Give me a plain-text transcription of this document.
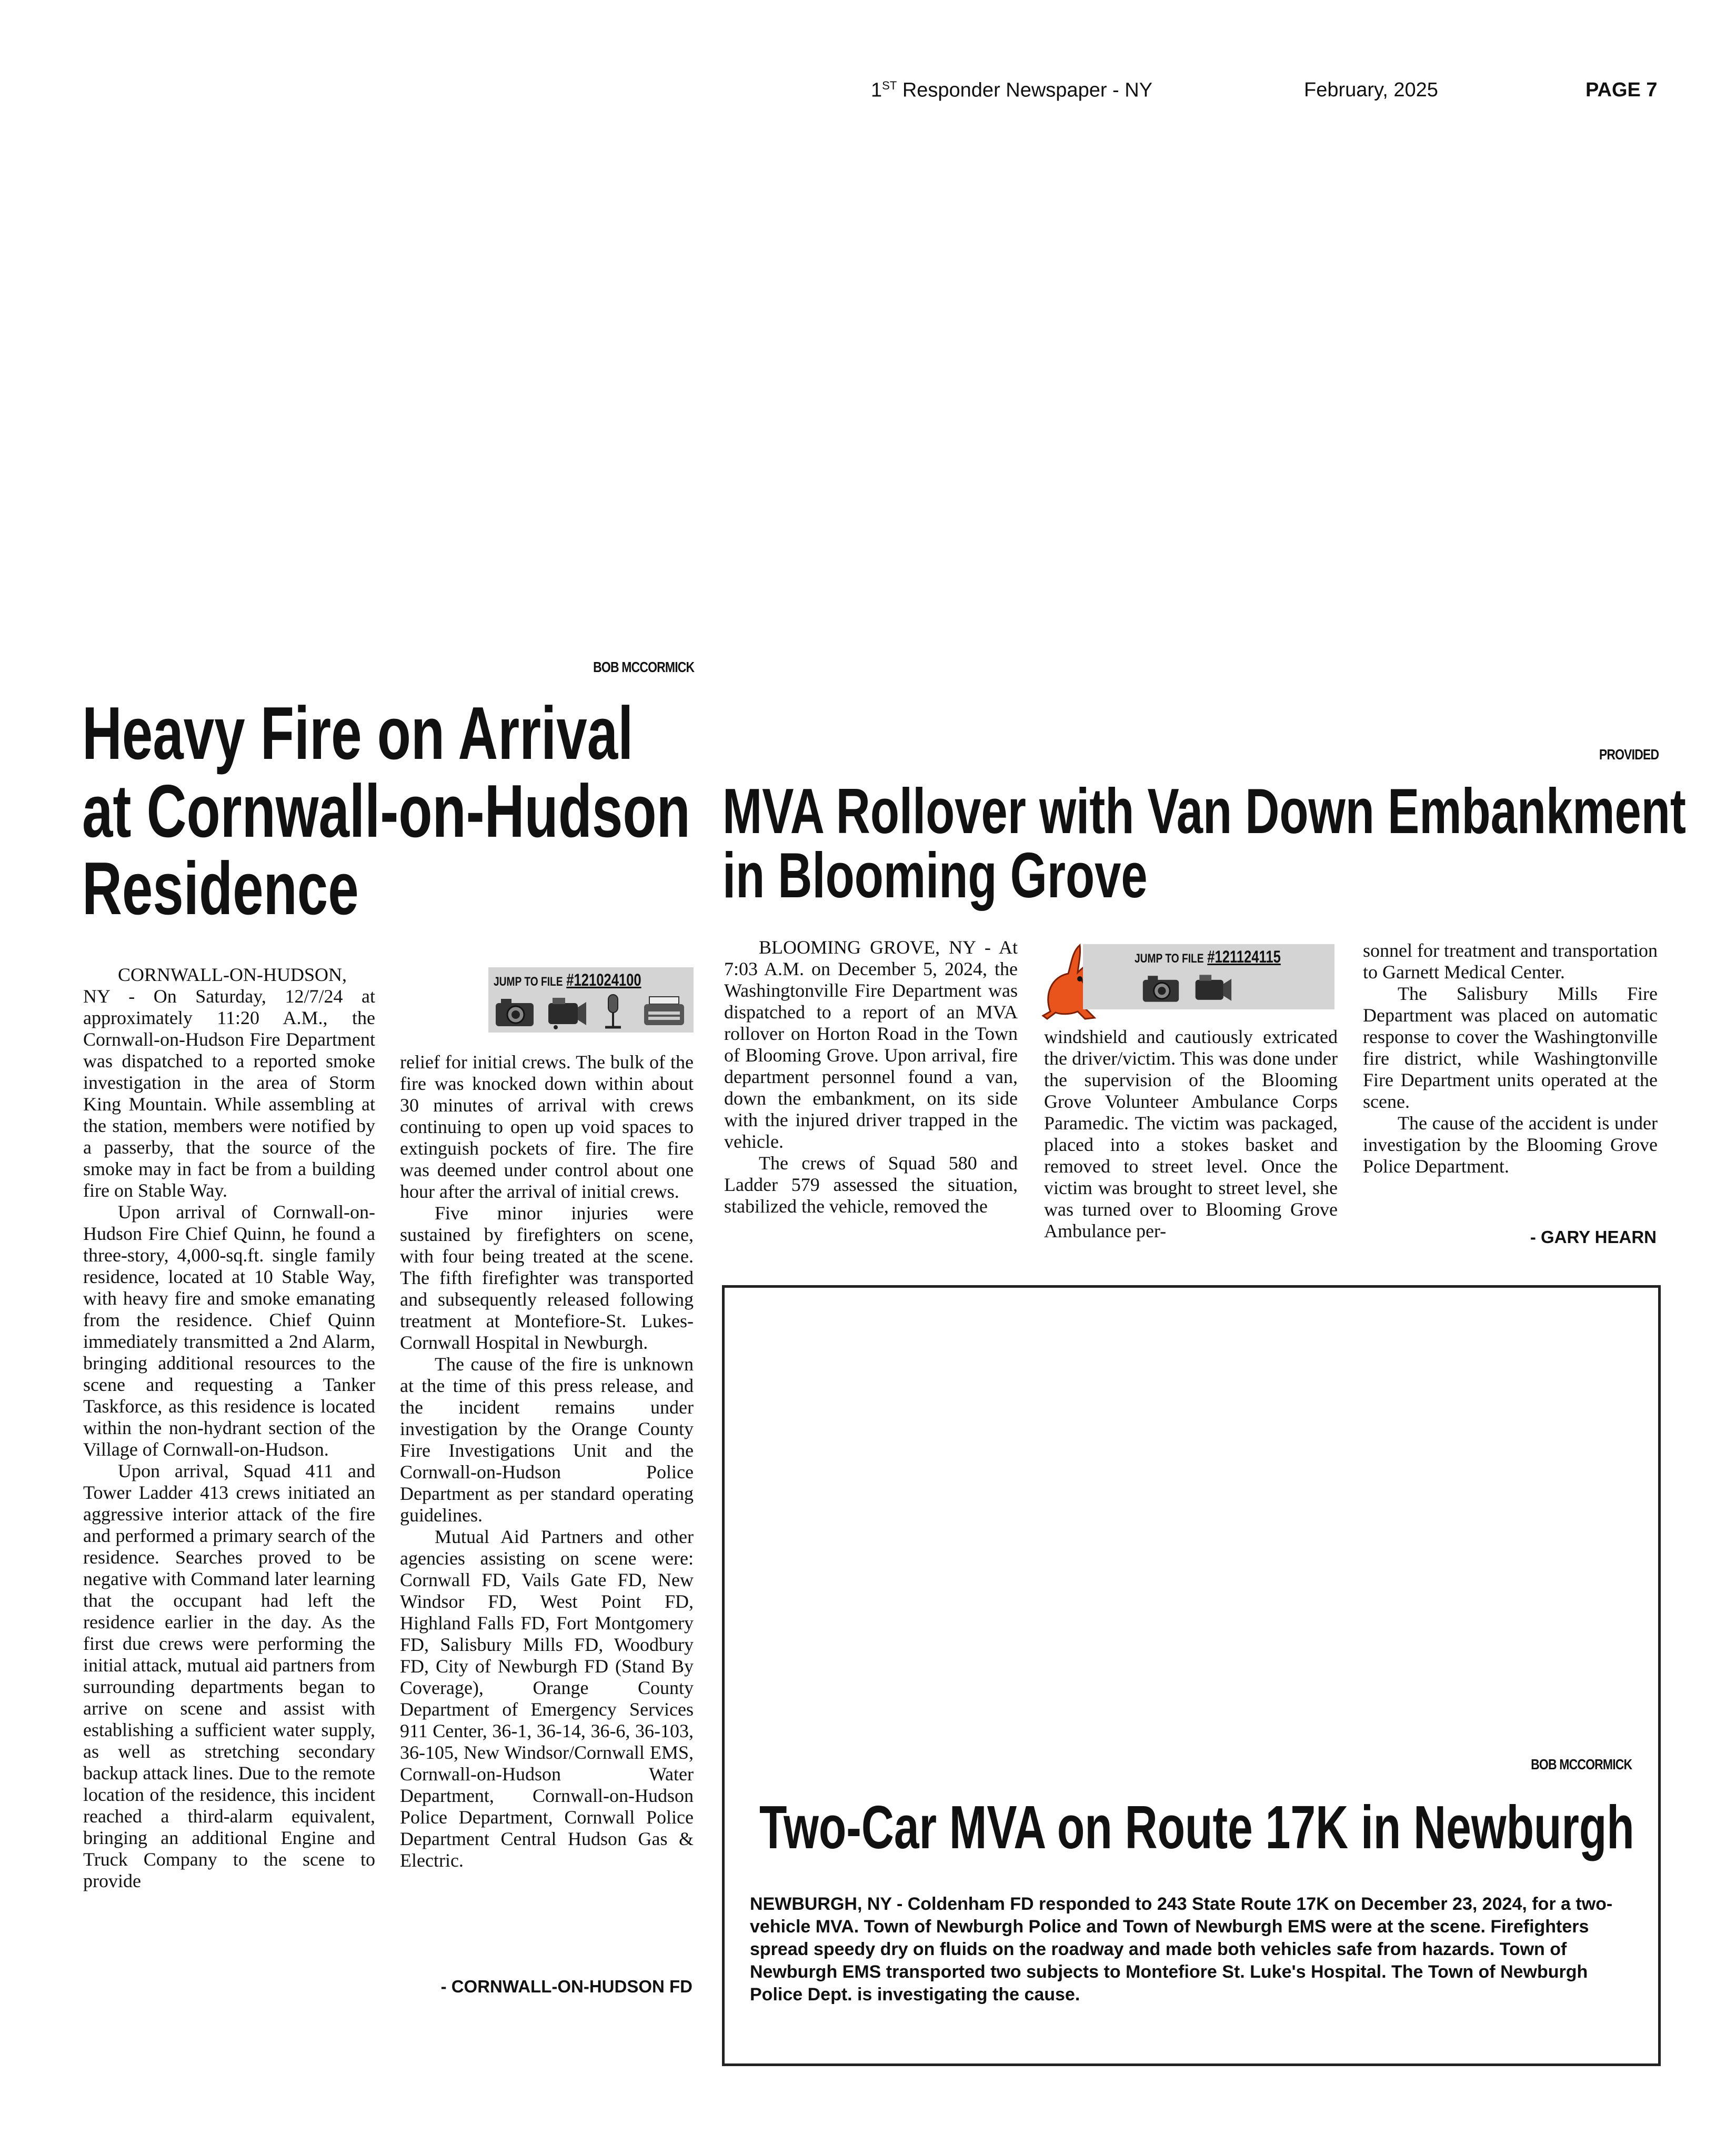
1ST Responder Newspaper - NY	February, 2025	PAGE 7
BOB MCCORMICK
Heavy Fire on Arrival
at Cornwall-on-Hudson
Residence

CORNWALL-ON-HUDSON, NY - On Saturday, 12/7/24 at approximately 11:20 A.M., the Cornwall-on-Hudson Fire Department was dispatched to a reported smoke investigation in the area of Storm King Mountain. While assembling at the station, members were notified by a passerby, that the source of the smoke may in fact be from a building fire on Stable Way.

Upon arrival of Cornwall-on-Hudson Fire Chief Quinn, he found a three-story, 4,000-sq.ft. single family residence, located at 10 Stable Way, with heavy fire and smoke emanating from the residence. Chief Quinn immediately transmitted a 2nd Alarm, bringing additional resources to the scene and requesting a Tanker Taskforce, as this residence is located within the non-hydrant section of the Village of Cornwall-on-Hudson.

Upon arrival, Squad 411 and Tower Ladder 413 crews initiated an aggressive interior attack of the fire and performed a primary search of the residence. Searches proved to be negative with Command later learning that the occupant had left the residence earlier in the day. As the first due crews were performing the initial attack, mutual aid partners from surrounding departments began to arrive on scene and assist with establishing a sufficient water supply, as well as stretching secondary backup attack lines. Due to the remote location of the residence, this incident reached a third-alarm equivalent, bringing an additional Engine and Truck Company to the scene to provide

JUMP TO FILE #121024100

relief for initial crews. The bulk of the fire was knocked down within about 30 minutes of arrival with crews continuing to open up void spaces to extinguish pockets of fire. The fire was deemed under control about one hour after the arrival of initial crews.

Five minor injuries were sustained by firefighters on scene, with four being treated at the scene. The fifth firefighter was transported and subsequently released following treatment at Montefiore-St. Lukes-Cornwall Hospital in Newburgh.

The cause of the fire is unknown at the time of this press release, and the incident remains under investigation by the Orange County Fire Investigations Unit and the Cornwall-on-Hudson Police Department as per standard operating guidelines.

Mutual Aid Partners and other agencies assisting on scene were: Cornwall FD, Vails Gate FD, New Windsor FD, West Point FD, Highland Falls FD, Fort Montgomery FD, Salisbury Mills FD, Woodbury FD, City of Newburgh FD (Stand By Coverage), Orange County Department of Emergency Services 911 Center, 36-1, 36-14, 36-6, 36-103, 36-105, New Windsor/Cornwall EMS, Cornwall-on-Hudson Water Department, Cornwall-on-Hudson Police Department, Cornwall Police Department Central Hudson Gas & Electric.

- CORNWALL-ON-HUDSON FD
PROVIDED
MVA Rollover with Van Down Embankment
in Blooming Grove

BLOOMING GROVE, NY - At 7:03 A.M. on December 5, 2024, the Washingtonville Fire Department was dispatched to a report of an MVA rollover on Horton Road in the Town of Blooming Grove. Upon arrival, fire department personnel found a van, down the embankment, on its side with the injured driver trapped in the vehicle.

The crews of Squad 580 and Ladder 579 assessed the situation, stabilized the vehicle, removed the

JUMP TO FILE #121124115

windshield and cautiously extricated the driver/victim. This was done under the supervision of the Blooming Grove Volunteer Ambulance Corps Paramedic. The victim was packaged, placed into a stokes basket and removed to street level. Once the victim was brought to street level, she was turned over to Blooming Grove Ambulance per-

sonnel for treatment and transportation to Garnett Medical Center.

The Salisbury Mills Fire Department was placed on automatic response to cover the Washingtonville fire district, while Washingtonville Fire Department units operated at the scene.

The cause of the accident is under investigation by the Blooming Grove Police Department.

- GARY HEARN
BOB MCCORMICK
Two-Car MVA on Route 17K in Newburgh
NEWBURGH, NY - Coldenham FD responded to 243 State Route 17K on December 23, 2024, for a two-vehicle MVA. Town of Newburgh Police and Town of Newburgh EMS were at the scene. Firefighters spread speedy dry on fluids on the roadway and made both vehicles safe from hazards. Town of Newburgh EMS transported two subjects to Montefiore St. Luke's Hospital. The Town of Newburgh Police Dept. is investigating the cause.
